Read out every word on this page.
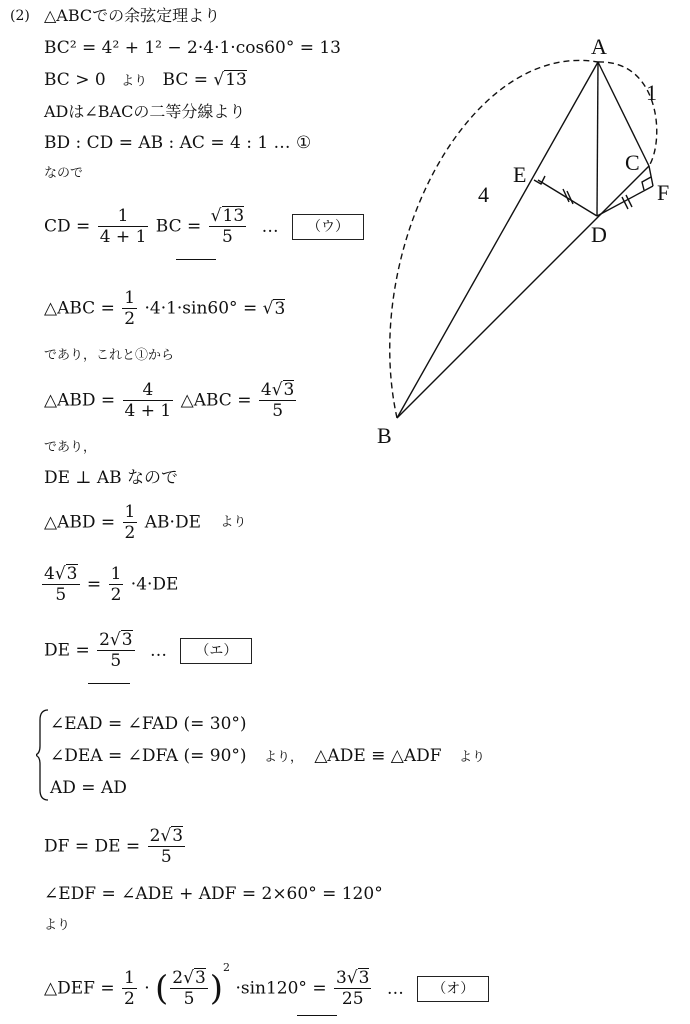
(2) △ABCでの余弦定理より
BC² = 4² + 1² − 2·4·1·cos60° = 13
BC > 0 より BC = √13
ADは∠BACの二等分線より
BD : CD = AB : AC = 4 : 1 … ①
なので
CD = $\frac{1}{4 + 1}$ BC = $\frac{√13}{5}$ … （ウ）
△ABC = $\frac{1}{2} \cdot 4\cdot 1\cdot\sin 60^\circ = √3$
であり，これと①から
△ABD = $\frac{4}{4 + 1}$ △ABC = $\frac{4√3}{5}$
であり，
DE ⊥ AB なので
△ABD = $\frac{1}{2} AB\cdot DE$ より
$\frac{4√3}{5} = \frac{1}{2} \cdot 4\cdot DE$
DE = $\frac{2√3}{5}$ … （エ）
∠EAD = ∠FAD (= 30°)
∠DEA = ∠DFA (= 90°) より， △ADE ≡ △ADF より
AD = AD
DF = DE = $\frac{2√3}{5}$
∠EDF = ∠ADE + ADF = 2×60° = 120°
より
△DEF = $\frac{1}{2}$ · ( $\frac{2√3}{5} )^2 \cdot\sin 120^\circ = \frac{3√3}{25}$ … （オ）
A
B
C
D
E
F
4
1
